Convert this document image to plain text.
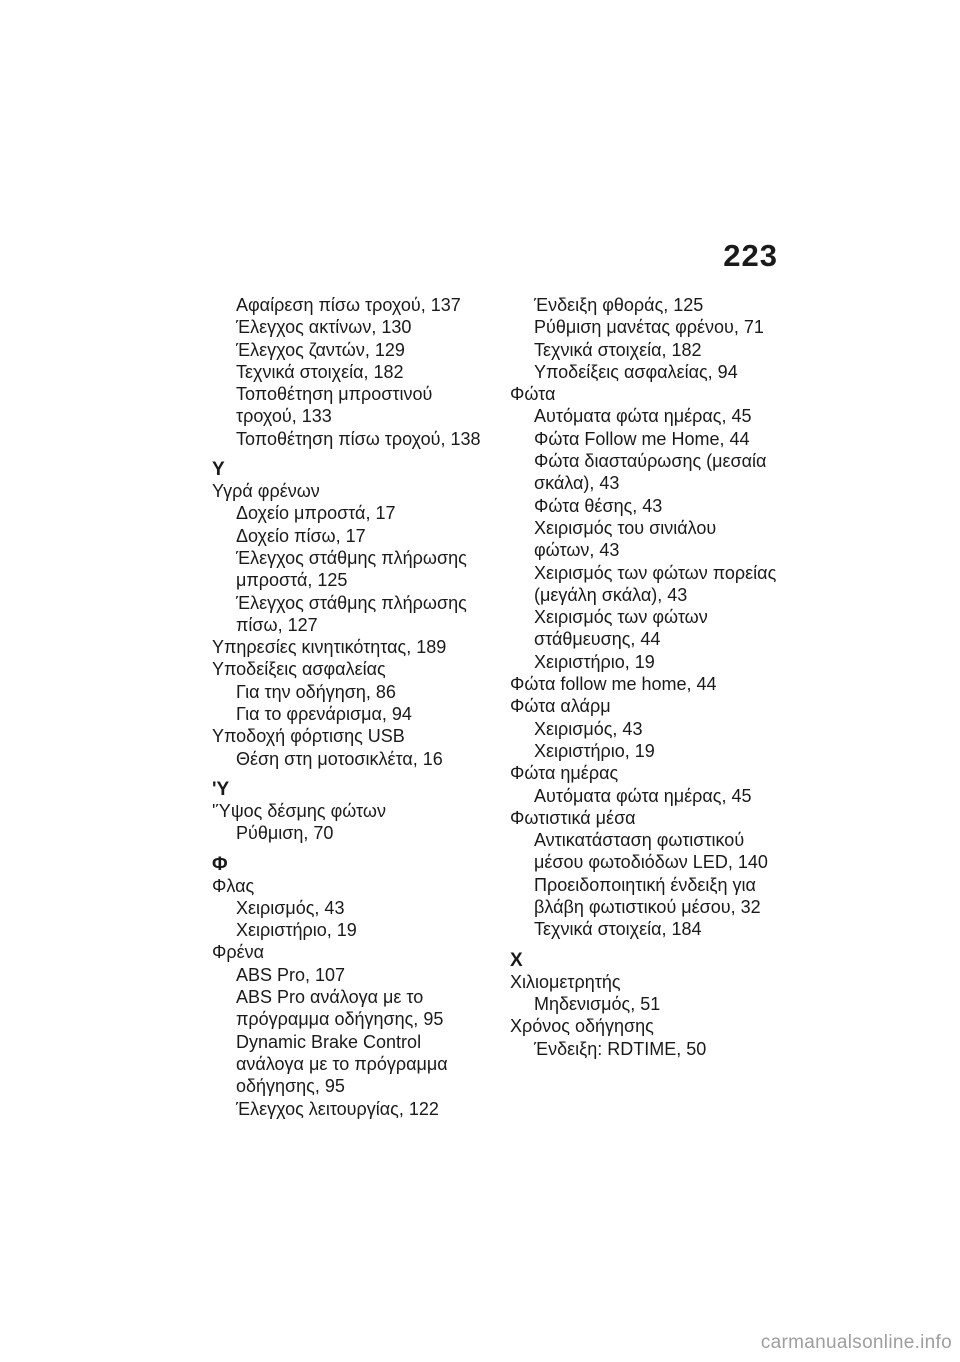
223
Αφαίρεση πίσω τροχού, 137
Έλεγχος ακτίνων, 130
Έλεγχος ζαντών, 129
Τεχνικά στοιχεία, 182
Τοποθέτηση μπροστινού
τροχού, 133
Τοποθέτηση πίσω τροχού, 138
Υ
Υγρά φρένων
Δοχείο μπροστά, 17
Δοχείο πίσω, 17
Έλεγχος στάθμης πλήρωσης
μπροστά, 125
Έλεγχος στάθμης πλήρωσης
πίσω, 127
Υπηρεσίες κινητικότητας, 189
Υποδείξεις ασφαλείας
Για την οδήγηση, 86
Για το φρενάρισμα, 94
Υποδοχή φόρτισης USB
Θέση στη μοτοσικλέτα, 16
'Y
'Ύψος δέσμης φώτων
Ρύθμιση, 70
Φ
Φλας
Χειρισμός, 43
Χειριστήριο, 19
Φρένα
ABS Pro, 107
ABS Pro ανάλογα με το
πρόγραμμα οδήγησης, 95
Dynamic Brake Control
ανάλογα με το πρόγραμμα
οδήγησης, 95
Έλεγχος λειτουργίας, 122
Ένδειξη φθοράς, 125
Ρύθμιση μανέτας φρένου, 71
Τεχνικά στοιχεία, 182
Υποδείξεις ασφαλείας, 94
Φώτα
Αυτόματα φώτα ημέρας, 45
Φώτα Follow me Home, 44
Φώτα διασταύρωσης (μεσαία
σκάλα), 43
Φώτα θέσης, 43
Χειρισμός του σινιάλου
φώτων, 43
Χειρισμός των φώτων πορείας
(μεγάλη σκάλα), 43
Χειρισμός των φώτων
στάθμευσης, 44
Χειριστήριο, 19
Φώτα follow me home, 44
Φώτα αλάρμ
Χειρισμός, 43
Χειριστήριο, 19
Φώτα ημέρας
Αυτόματα φώτα ημέρας, 45
Φωτιστικά μέσα
Αντικατάσταση φωτιστικού
μέσου φωτοδιόδων LED, 140
Προειδοποιητική ένδειξη για
βλάβη φωτιστικού μέσου, 32
Τεχνικά στοιχεία, 184
Χ
Χιλιομετρητής
Μηδενισμός, 51
Χρόνος οδήγησης
Ένδειξη: RDTIME, 50
carmanualsonline.info
